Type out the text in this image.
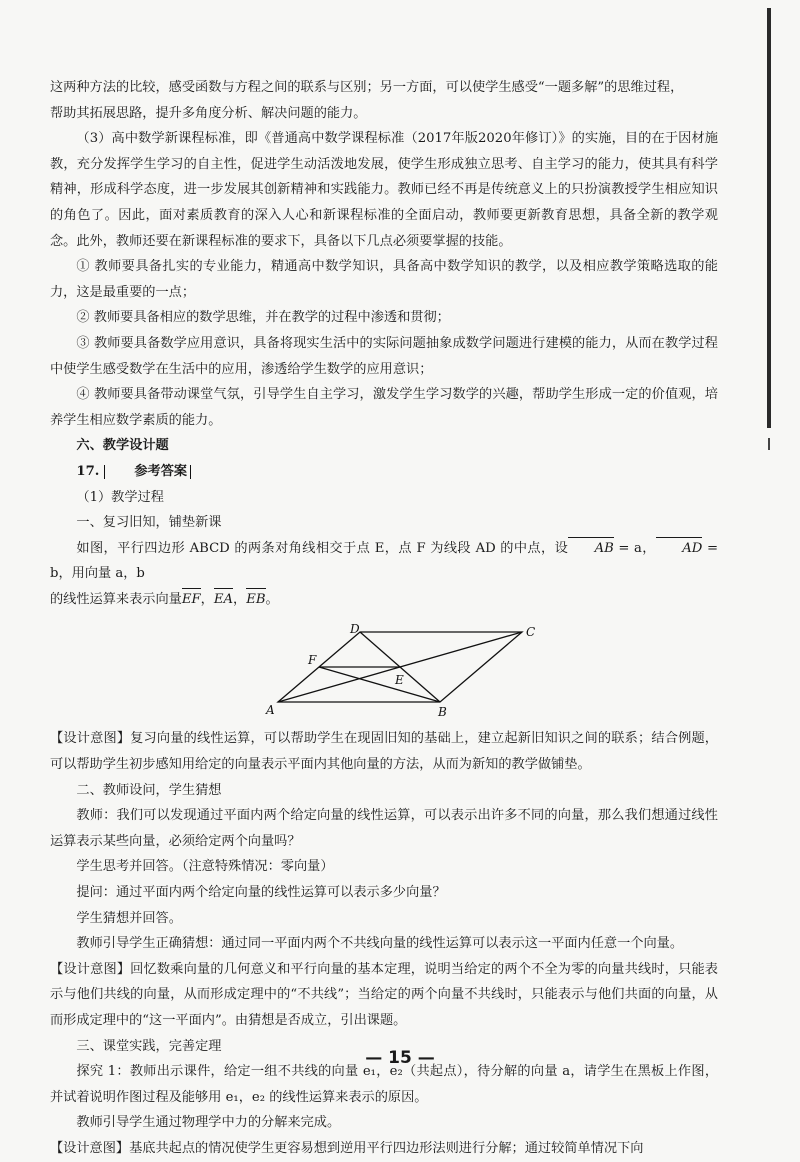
这两种方法的比较，感受函数与方程之间的联系与区别；另一方面，可以使学生感受“一题多解”的思维过程，

帮助其拓展思路，提升多角度分析、解决问题的能力。

（3）高中数学新课程标准，即《普通高中数学课程标准（2017年版2020年修订）》的实施，目的在于因材施教，充分发挥学生学习的自主性，促进学生动活泼地发展，使学生形成独立思考、自主学习的能力，使其具有科学精神，形成科学态度，进一步发展其创新精神和实践能力。教师已经不再是传统意义上的只扮演教授学生相应知识的角色了。因此，面对素质教育的深入人心和新课程标准的全面启动，教师要更新教育思想，具备全新的教学观念。此外，教师还要在新课程标准的要求下，具备以下几点必须要掌握的技能。

① 教师要具备扎实的专业能力，精通高中数学知识，具备高中数学知识的教学，以及相应教学策略选取的能力，这是最重要的一点；

② 教师要具备相应的数学思维，并在教学的过程中渗透和贯彻；

③ 教师要具备数学应用意识，具备将现实生活中的实际问题抽象成数学问题进行建模的能力，从而在教学过程中使学生感受数学在生活中的应用，渗透给学生数学的应用意识；

④ 教师要具备带动课堂气氛，引导学生自主学习，激发学生学习数学的兴趣，帮助学生形成一定的价值观，培养学生相应数学素质的能力。

六、教学设计题

17.	参考答案

（1）教学过程

一、复习旧知，铺垫新课

如图，平行四边形 ABCD 的两条对角线相交于点 E，点 F 为线段 AD 的中点，设 AB = a， AD = b，用向量 a，b

的线性运算来表示向量EF，EA，EB。

A	B
C
D
E
F

【设计意图】复习向量的线性运算，可以帮助学生在现固旧知的基础上，建立起新旧知识之间的联系；结合例题，可以帮助学生初步感知用给定的向量表示平面内其他向量的方法，从而为新知的教学做铺垫。

二、教师设问，学生猜想

教师：我们可以发现通过平面内两个给定向量的线性运算，可以表示出许多不同的向量，那么我们想通过线性运算表示某些向量，必须给定两个向量吗？

学生思考并回答。（注意特殊情况：零向量）

提问：通过平面内两个给定向量的线性运算可以表示多少向量？

学生猜想并回答。

教师引导学生正确猜想：通过同一平面内两个不共线向量的线性运算可以表示这一平面内任意一个向量。

【设计意图】回忆数乘向量的几何意义和平行向量的基本定理，说明当给定的两个不全为零的向量共线时，只能表示与他们共线的向量，从而形成定理中的“不共线”；当给定的两个向量不共线时，只能表示与他们共面的向量，从而形成定理中的“这一平面内”。由猜想是否成立，引出课题。

三、课堂实践，完善定理

探究 1：教师出示课件，给定一组不共线的向量 e₁，e₂（共起点），待分解的向量 a，请学生在黑板上作图，并试着说明作图过程及能够用 e₁，e₂ 的线性运算来表示的原因。

教师引导学生通过物理学中力的分解来完成。

【设计意图】基底共起点的情况使学生更容易想到逆用平行四边形法则进行分解；通过较简单情况下向

— 15 —
